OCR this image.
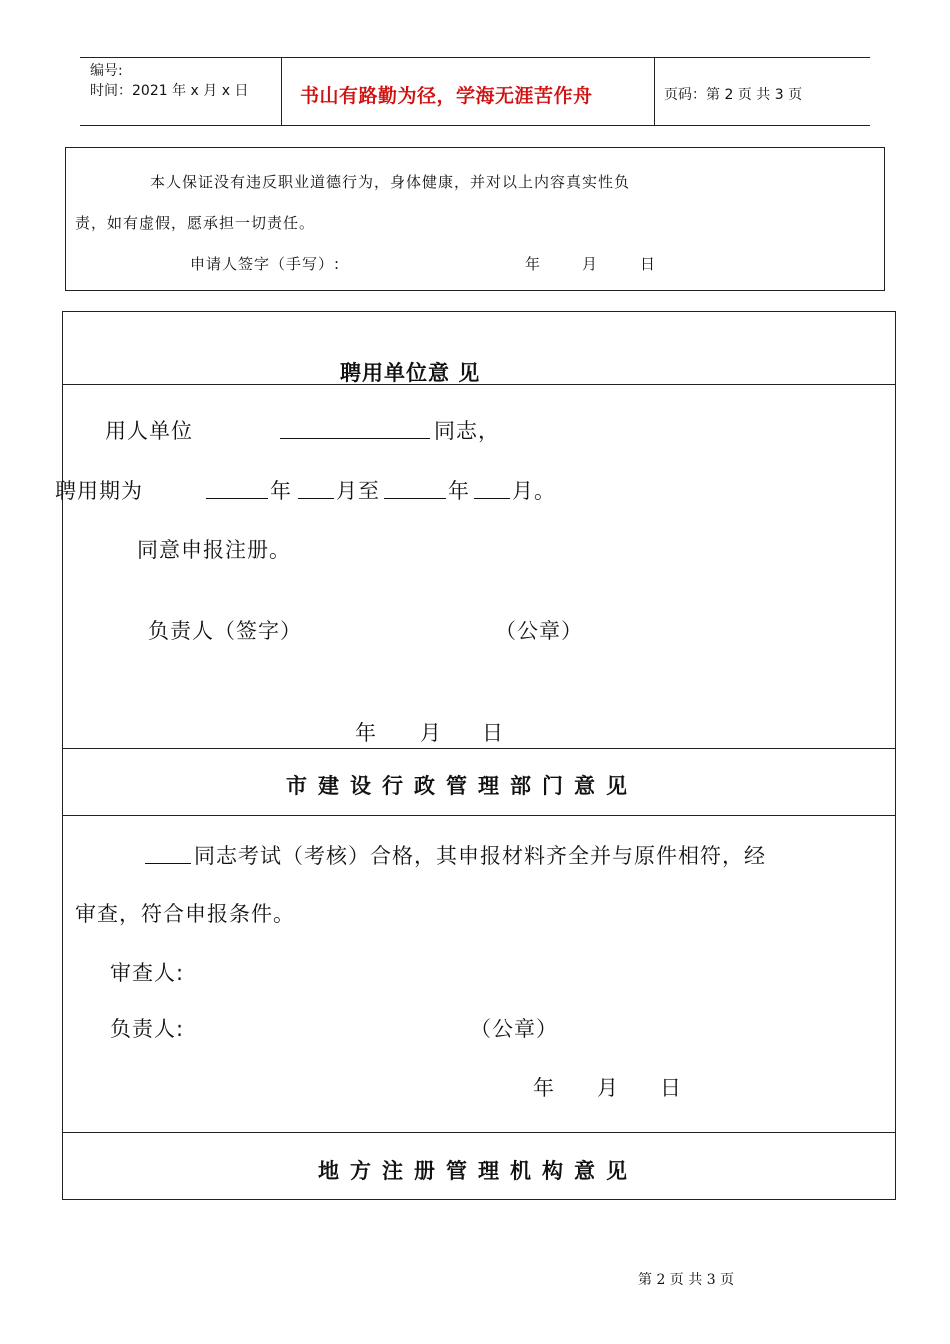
编号:
时间：2021 年 x 月 x 日	书山有路勤为径，学海无涯苦作舟	页码：第 2 页 共 3 页
本人保证没有违反职业道德行为，身体健康，并对以上内容真实性负
责，如有虚假，愿承担一切责任。
申请人签字（手写）:	年	月	日
聘用单位意 见
用人单位	同志，
聘用期为	年 月至	年 月。
同意申报注册。
负责人（签字）	（公章）
年 月 日
市建设行政管理部门意见
同志考试（考核）合格，其申报材料齐全并与原件相符，经
审查，符合申报条件。
审查人:
负责人:	（公章）
年 月 日
地方注册管理机构意见
第 2 页 共 3 页
